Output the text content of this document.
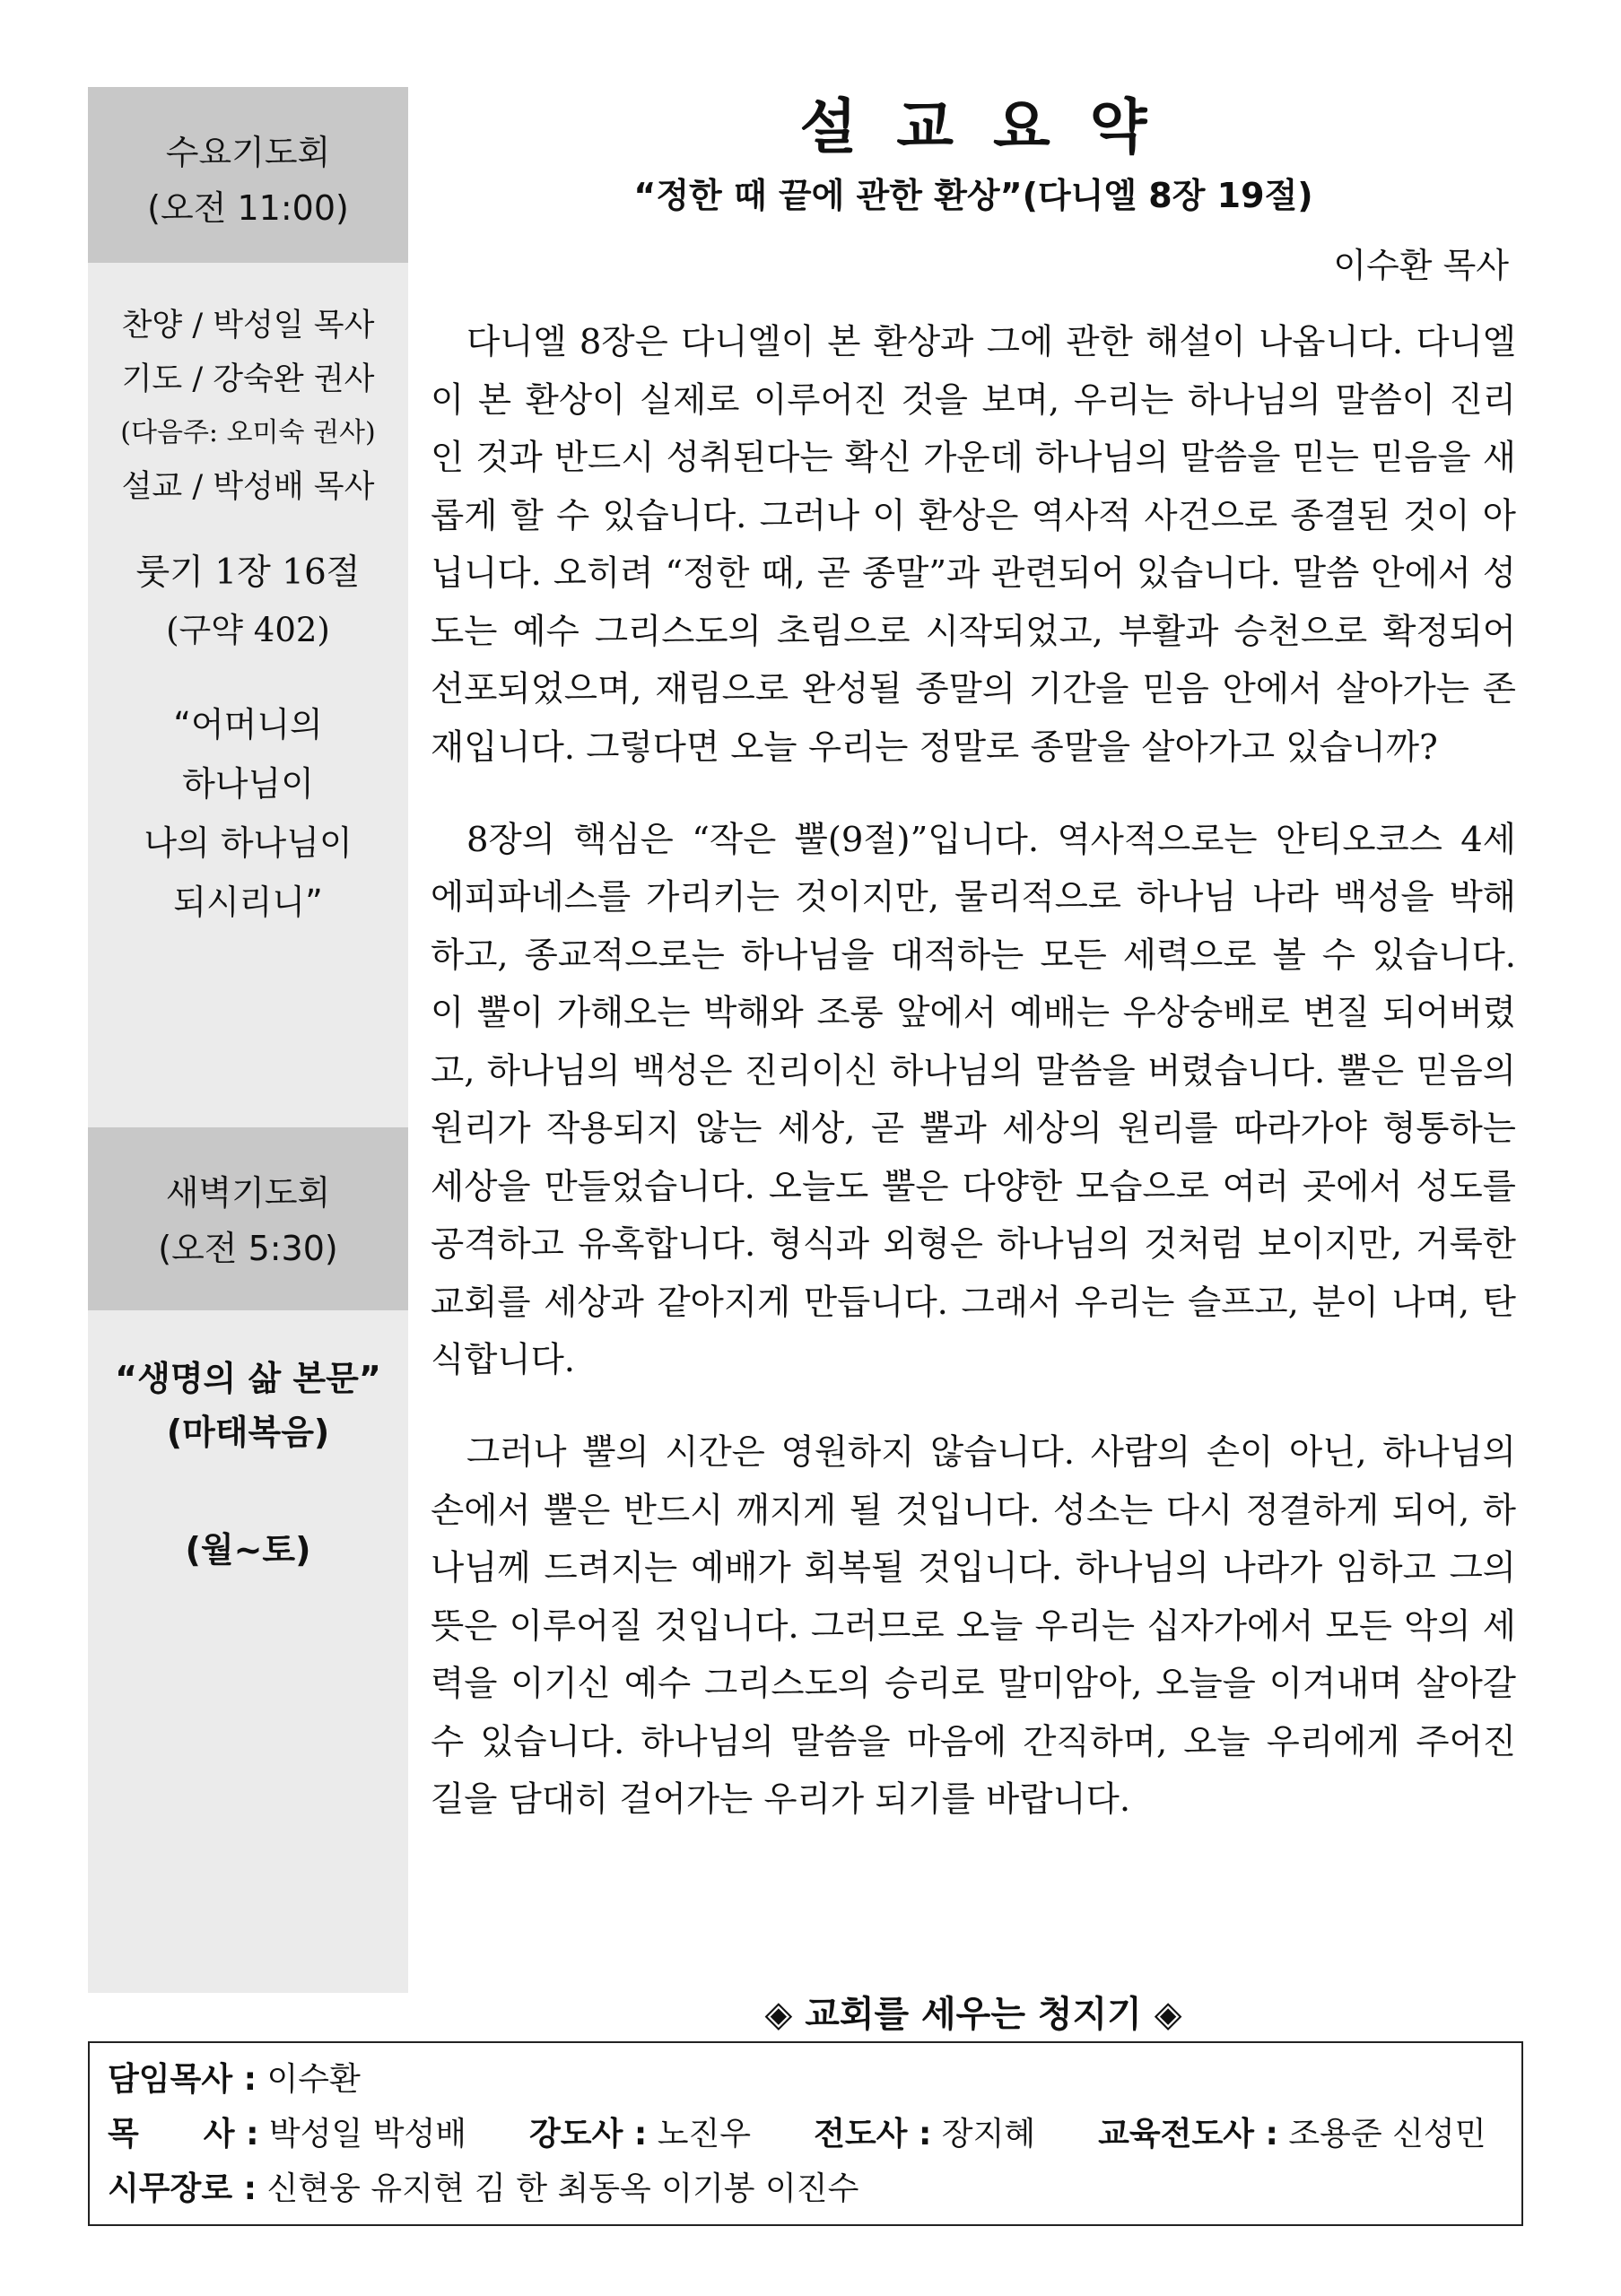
수요기도회
(오전 11:00)
찬양 / 박성일 목사
기도 / 강숙완 권사
(다음주: 오미숙 권사)
설교 / 박성배 목사
룻기 1장 16절
(구약 402)
“어머니의
하나님이
나의 하나님이
되시리니”
새벽기도회
(오전 5:30)
“생명의 삶 본문”
(마태복음)
(월~토)
설교요약
“정한 때 끝에 관한 환상”(다니엘 8장 19절)
이수환 목사

다니엘 8장은 다니엘이 본 환상과 그에 관한 해설이 나옵니다. 다니엘이 본 환상이 실제로 이루어진 것을 보며, 우리는 하나님의 말씀이 진리인 것과 반드시 성취된다는 확신 가운데 하나님의 말씀을 믿는 믿음을 새롭게 할 수 있습니다. 그러나 이 환상은 역사적 사건으로 종결된 것이 아닙니다. 오히려 “정한 때, 곧 종말”과 관련되어 있습니다. 말씀 안에서 성도는 예수 그리스도의 초림으로 시작되었고, 부활과 승천으로 확정되어 선포되었으며, 재림으로 완성될 종말의 기간을 믿음 안에서 살아가는 존재입니다. 그렇다면 오늘 우리는 정말로 종말을 살아가고 있습니까?

8장의 핵심은 “작은 뿔(9절)”입니다. 역사적으로는 안티오코스 4세 에피파네스를 가리키는 것이지만, 물리적으로 하나님 나라 백성을 박해하고, 종교적으로는 하나님을 대적하는 모든 세력으로 볼 수 있습니다. 이 뿔이 가해오는 박해와 조롱 앞에서 예배는 우상숭배로 변질 되어버렸고, 하나님의 백성은 진리이신 하나님의 말씀을 버렸습니다. 뿔은 믿음의 원리가 작용되지 않는 세상, 곧 뿔과 세상의 원리를 따라가야 형통하는 세상을 만들었습니다. 오늘도 뿔은 다양한 모습으로 여러 곳에서 성도를 공격하고 유혹합니다. 형식과 외형은 하나님의 것처럼 보이지만, 거룩한 교회를 세상과 같아지게 만듭니다. 그래서 우리는 슬프고, 분이 나며, 탄식합니다.

그러나 뿔의 시간은 영원하지 않습니다. 사람의 손이 아닌, 하나님의 손에서 뿔은 반드시 깨지게 될 것입니다. 성소는 다시 정결하게 되어, 하나님께 드려지는 예배가 회복될 것입니다. 하나님의 나라가 임하고 그의 뜻은 이루어질 것입니다. 그러므로 오늘 우리는 십자가에서 모든 악의 세력을 이기신 예수 그리스도의 승리로 말미암아, 오늘을 이겨내며 살아갈 수 있습니다. 하나님의 말씀을 마음에 간직하며, 오늘 우리에게 주어진 길을 담대히 걸어가는 우리가 되기를 바랍니다.

◈ 교회를 세우는 청지기 ◈
담임목사 : 이수환
목　　사 : 박성일 박성배 강도사 : 노진우 전도사 : 장지혜 교육전도사 : 조용준 신성민
시무장로 : 신현웅 유지현 김 한 최동옥 이기봉 이진수
